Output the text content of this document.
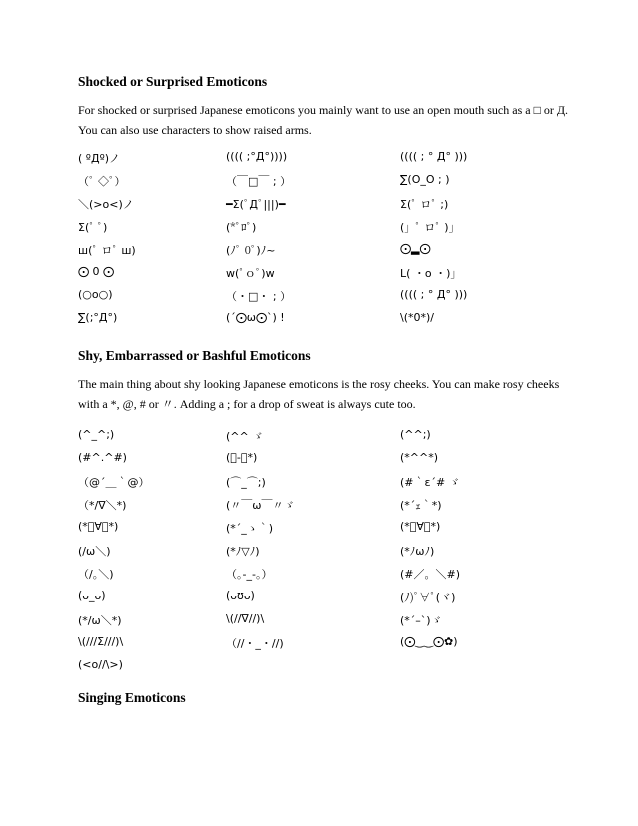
Shocked or Surprised Emoticons

For shocked or surprised Japanese emoticons you mainly want to use an open mouth such as a □ or Д. You can also use characters to show raised arms.

( ºДº)ノ	(((( ;°Д°))))	(((( ; ° Д° )))
（ﾟ ◇ﾟ）	（￣□￣ ; ）	∑(O_O ; )
＼(>o<)ノ	━Σ(ﾟДﾟ|||)━	Σ(ﾟ ロﾟ ;)
Σ(ﾟ ﾟ)	(*ﾟﾛﾟ)	(」ﾟ ロﾟ )」
ш(ﾟ ロﾟ ш)	(ﾉﾟ 0ﾟ)ﾉ~	⨀▂⨀
⨀ 0 ⨀	w(ﾟｏﾟ)w	L( ・o ・)」
(○o○)	（・□・ ; ）	(((( ; ° Д° )))
∑(;°Д°)	(´⨀ω⨀`) !	\(*0*)/
Shy, Embarrassed or Bashful Emoticons

The main thing about shy looking Japanese emoticons is the rosy cheeks. You can make rosy cheeks with a *, @, # or 〃. Adding a ; for a drop of sweat is always cute too.

(^_^;)	(^^ ゞ	(^^;)
(#^.^#)	(ﾟ-ﾟ*)	(*^^*)
（@´＿｀@）	(⌒_⌒;)	(#｀ε´# ゞ
（*/∇＼*)	(〃￣ω￣〃ゞ	(*´ｪ｀*)
(*ﾟ∀ﾟ*)	(*´_ゝ｀)	(*ﾟ∀ﾟ*)
(/ω＼)	(*ﾉ▽ﾉ)	(*ﾉωﾉ)
（/｡＼)	（｡-_-｡）	(#／。＼#)
(ᴗ_ᴗ)	(ᴗʊᴗ)	(ﾉ)ﾟ∀ﾟ(ヾ)
(*/ω＼*)	\(//∇//)\	(*´–`)ゞ
\(///Σ///)\	（//・_・//)	(⨀‿‿⨀✿)
(<o//\>)
Singing Emoticons
